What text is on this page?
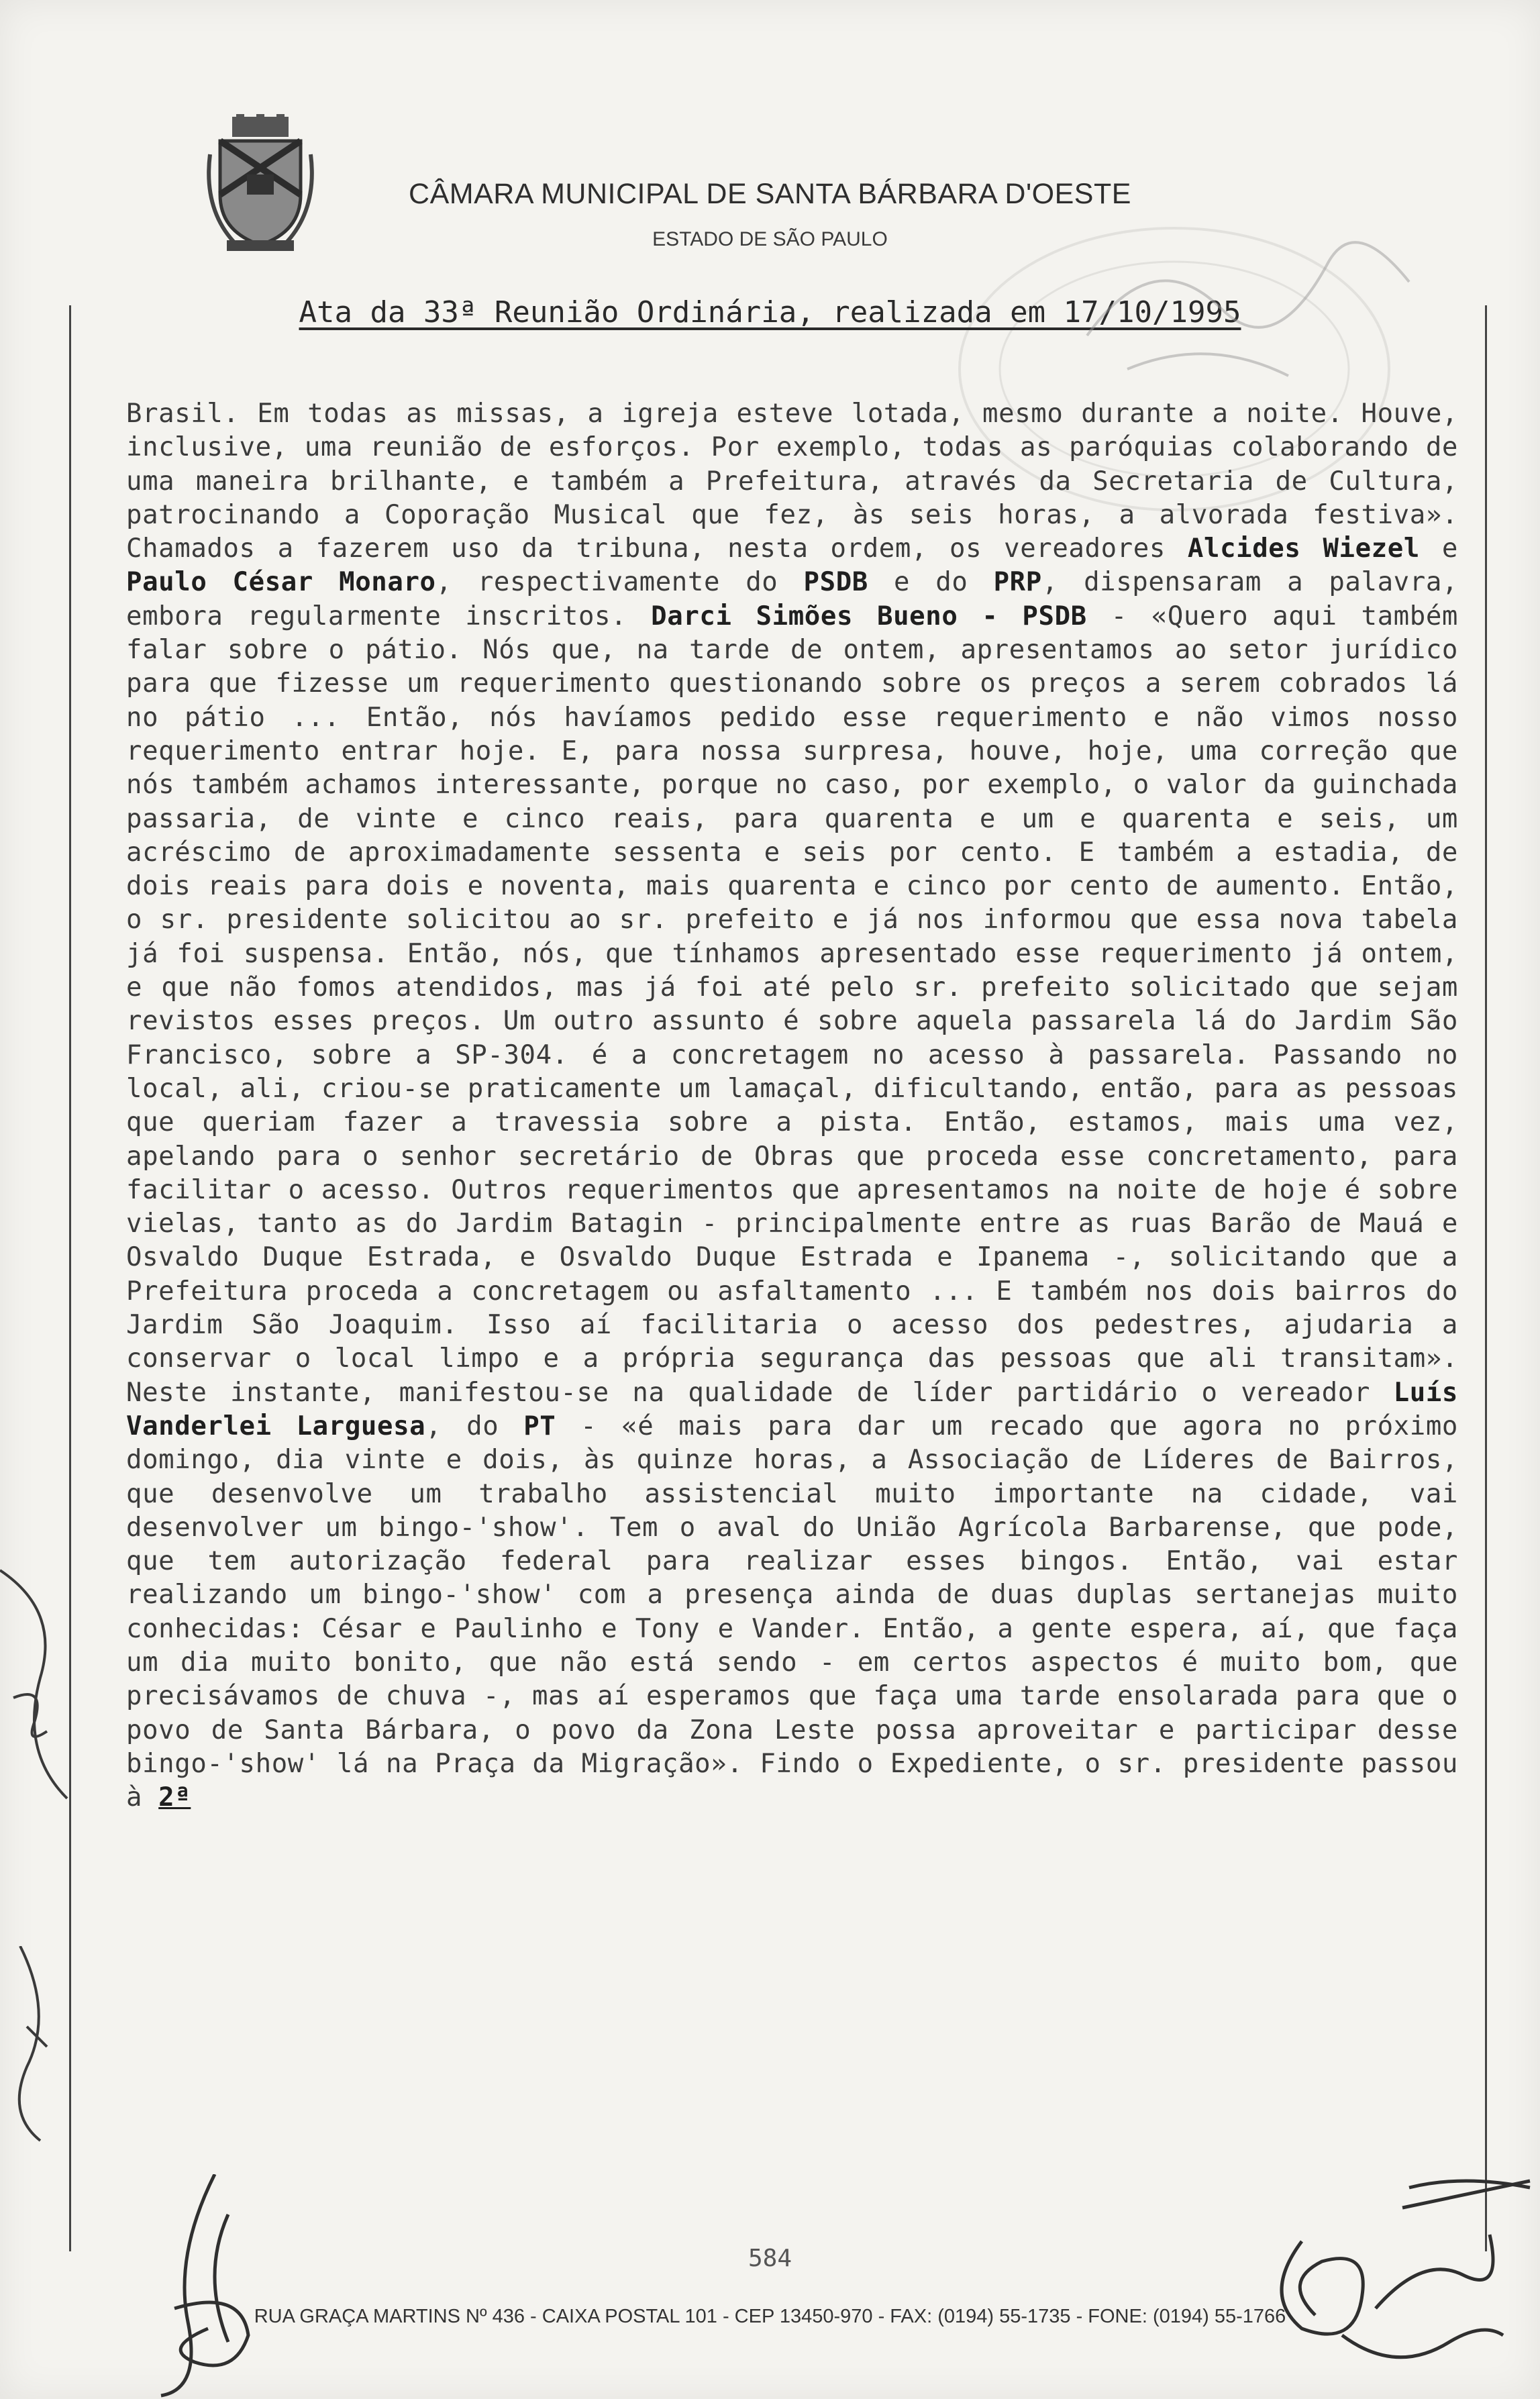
CÂMARA MUNICIPAL DE SANTA BÁRBARA D'OESTE
ESTADO DE SÃO PAULO
Ata da 33ª Reunião Ordinária, realizada em 17/10/1995
Brasil. Em todas as missas, a igreja esteve lotada, mesmo durante a noite. Houve, inclusive, uma reunião de esforços. Por exemplo, todas as paróquias colaborando de uma maneira brilhante, e também a Prefeitura, através da Secretaria de Cultura, patrocinando a Coporação Musical que fez, às seis horas, a alvorada festiva». Chamados a fazerem uso da tribuna, nesta ordem, os vereadores Alcides Wiezel e Paulo César Monaro, respectivamente do PSDB e do PRP, dispensaram a palavra, embora regularmente inscritos. Darci Simões Bueno - PSDB - «Quero aqui também falar sobre o pátio. Nós que, na tarde de ontem, apresentamos ao setor jurídico para que fizesse um requerimento questionando sobre os preços a serem cobrados lá no pátio ... Então, nós havíamos pedido esse requerimento e não vimos nosso requerimento entrar hoje. E, para nossa surpresa, houve, hoje, uma correção que nós também achamos interessante, porque no caso, por exemplo, o valor da guinchada passaria, de vinte e cinco reais, para quarenta e um e quarenta e seis, um acréscimo de aproximadamente sessenta e seis por cento. E também a estadia, de dois reais para dois e noventa, mais quarenta e cinco por cento de aumento. Então, o sr. presidente solicitou ao sr. prefeito e já nos informou que essa nova tabela já foi suspensa. Então, nós, que tínhamos apresentado esse requerimento já ontem, e que não fomos atendidos, mas já foi até pelo sr. prefeito solicitado que sejam revistos esses preços. Um outro assunto é sobre aquela passarela lá do Jardim São Francisco, sobre a SP-304. é a concretagem no acesso à passarela. Passando no local, ali, criou-se praticamente um lamaçal, dificultando, então, para as pessoas que queriam fazer a travessia sobre a pista. Então, estamos, mais uma vez, apelando para o senhor secretário de Obras que proceda esse concretamento, para facilitar o acesso. Outros requerimentos que apresentamos na noite de hoje é sobre vielas, tanto as do Jardim Batagin - principalmente entre as ruas Barão de Mauá e Osvaldo Duque Estrada, e Osvaldo Duque Estrada e Ipanema -, solicitando que a Prefeitura proceda a concretagem ou asfaltamento ... E também nos dois bairros do Jardim São Joaquim. Isso aí facilitaria o acesso dos pedestres, ajudaria a conservar o local limpo e a própria segurança das pessoas que ali transitam». Neste instante, manifestou-se na qualidade de líder partidário o vereador Luís Vanderlei Larguesa, do PT - «é mais para dar um recado que agora no próximo domingo, dia vinte e dois, às quinze horas, a Associação de Líderes de Bairros, que desenvolve um trabalho assistencial muito importante na cidade, vai desenvolver um bingo-'show'. Tem o aval do União Agrícola Barbarense, que pode, que tem autorização federal para realizar esses bingos. Então, vai estar realizando um bingo-'show' com a presença ainda de duas duplas sertanejas muito conhecidas: César e Paulinho e Tony e Vander. Então, a gente espera, aí, que faça um dia muito bonito, que não está sendo - em certos aspectos é muito bom, que precisávamos de chuva -, mas aí esperamos que faça uma tarde ensolarada para que o povo de Santa Bárbara, o povo da Zona Leste possa aproveitar e participar desse bingo-'show' lá na Praça da Migração». Findo o Expediente, o sr. presidente passou à 2ª
584
RUA GRAÇA MARTINS Nº 436 - CAIXA POSTAL 101 - CEP 13450-970 - FAX: (0194) 55-1735 - FONE: (0194) 55-1766
